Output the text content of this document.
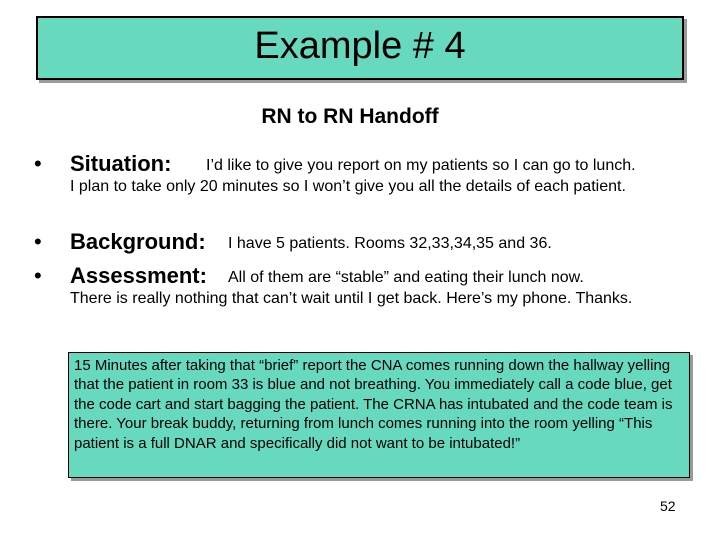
Example # 4
RN to RN Handoff
• Situation: I’d like to give you report on my patients so I can go to lunch.
I plan to take only 20 minutes so I won’t give you all the details of each patient.
• Background: I have 5 patients. Rooms 32,33,34,35 and 36.
• Assessment: All of them are “stable” and eating their lunch now.
There is really nothing that can’t wait until I get back. Here’s my phone. Thanks.
15 Minutes after taking that “brief” report the CNA comes running down the hallway yelling that the patient in room 33 is blue and not breathing. You immediately call a code blue, get the code cart and start bagging the patient. The CRNA has intubated and the code team is there. Your break buddy, returning from lunch comes running into the room yelling “This patient is a full DNAR and specifically did not want to be intubated!”
52
